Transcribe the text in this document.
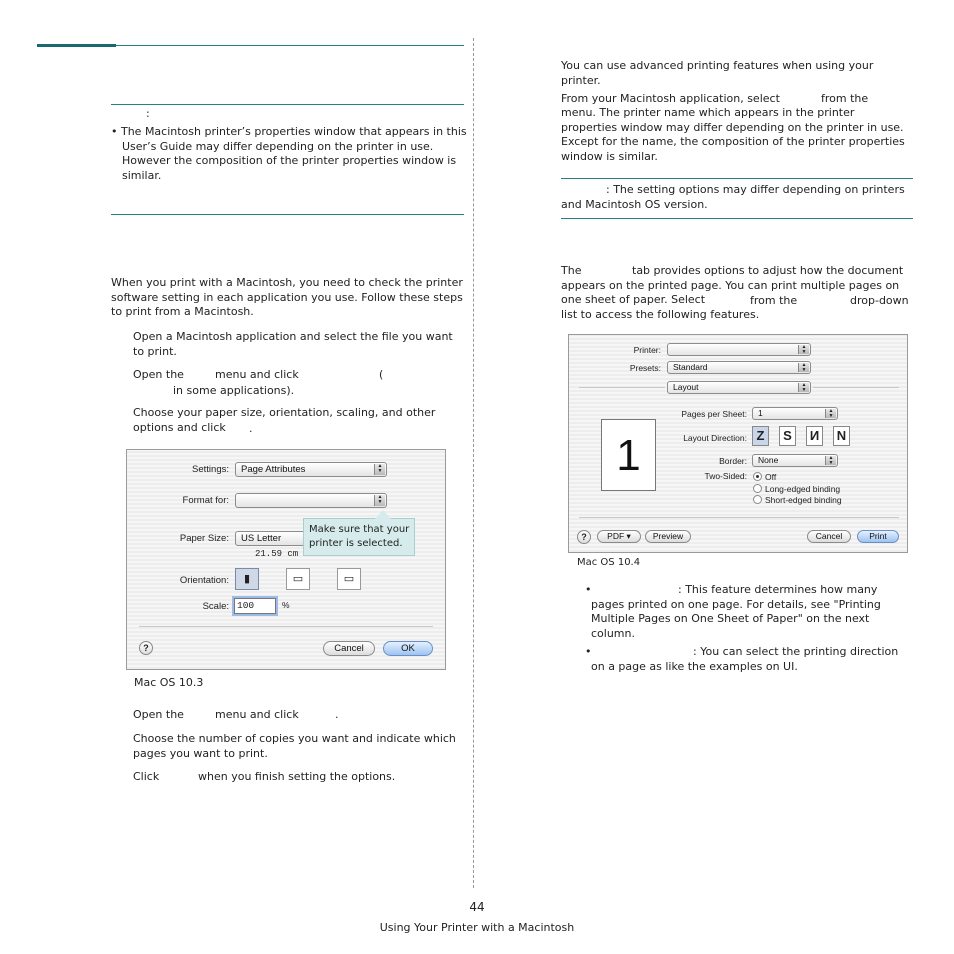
:
• The Macintosh printer’s properties window that appears in this User’s Guide may differ depending on the printer in use. However the composition of the printer properties window is similar.
When you print with a Macintosh, you need to check the printer software setting in each application you use. Follow these steps to print from a Macintosh.
Open a Macintosh application and select the file you want to print.
Open the	menu and click	(
in some applications).
Choose your paper size, orientation, scaling, and other options and click	.
Settings:	Page Attributes	▲
▼
Format for:	▲
▼
Paper Size:	US Letter
21.59 cm
Make sure that your printer is selected.
Orientation:	▮	▭	▭
Scale: 100	%
?	Cancel	OK
Mac OS 10.3
Open the	menu and click	.
Choose the number of copies you want and indicate which pages you want to print.
Click	when you finish setting the options.
You can use advanced printing features when using your printer.
From your Macintosh application, select	from the
menu. The printer name which appears in the printer properties window may differ depending on the printer in use. Except for the name, the composition of the printer properties window is similar.
: The setting options may differ depending on printers and Macintosh OS version.
The	tab provides options to adjust how the document appears on the printed page. You can print multiple pages on one sheet of paper. Select	from the	drop-down
list to access the following features.
Printer:	▲
▼
Presets:	Standard	▲
▼
Layout	▲
▼
1
Pages per Sheet:	1	▲
▼
Layout Direction: Z	S	И N
Border:	None	▲
▼
Two-Sided: Off
Long-edged binding
Short-edged binding
?	PDF ▾	Preview	Cancel	Print
Mac OS 10.4
•	: This feature determines how many pages printed on one page. For details, see "Printing Multiple Pages on One Sheet of Paper" on the next column.
•	: You can select the printing direction on a page as like the examples on UI.
44
Using Your Printer with a Macintosh
